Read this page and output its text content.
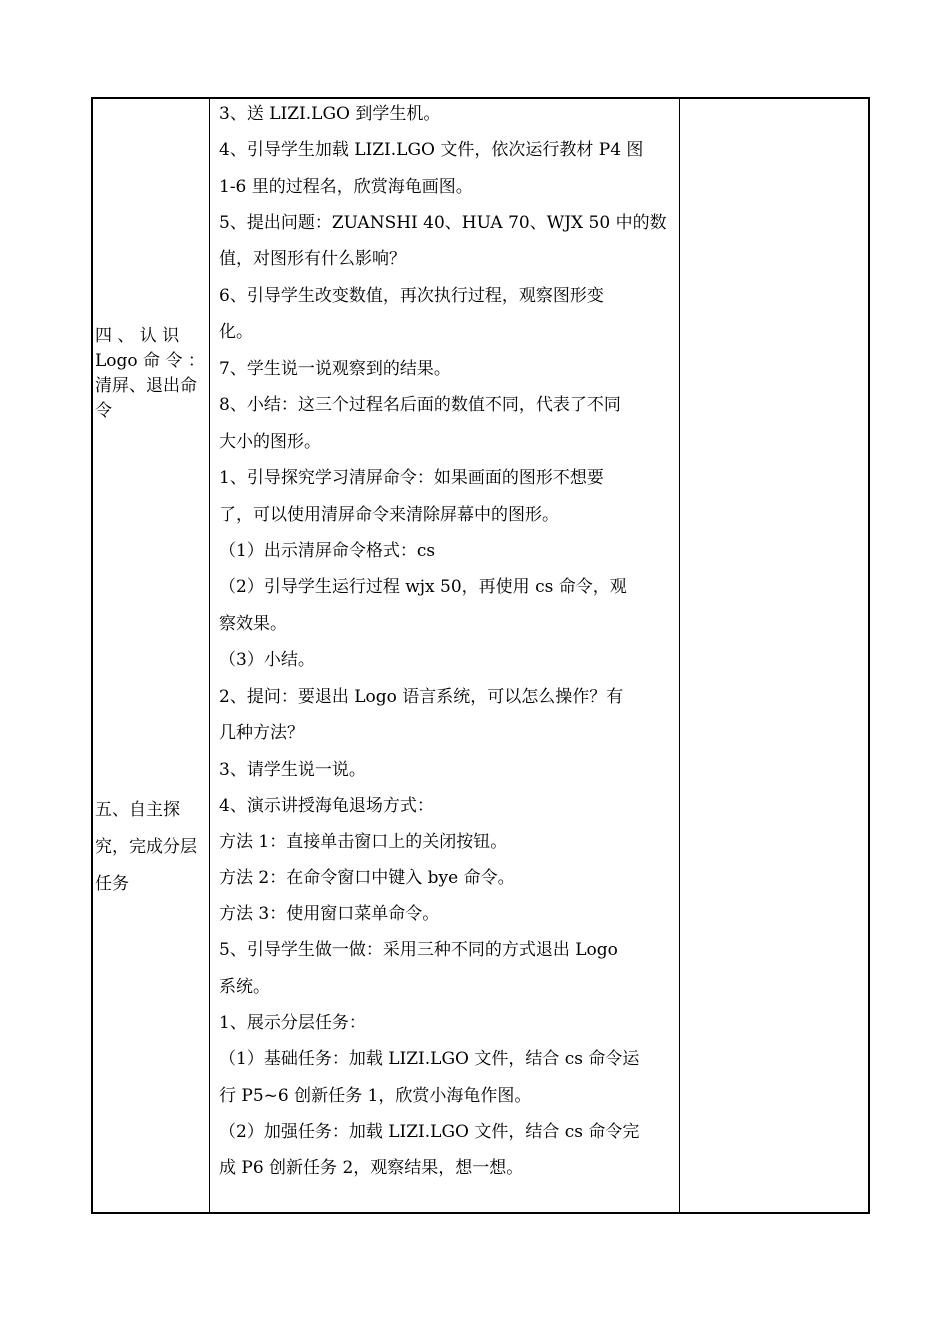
四 、 认 识
Logo 命 令 ：
清屏、退出命
令
五、自主探
究，完成分层
任务
3、送 LIZI.LGO 到学生机。
4、引导学生加载 LIZI.LGO 文件，依次运行教材 P4 图
1-6 里的过程名，欣赏海龟画图。
5、提出问题：ZUANSHI 40、HUA 70、WJX 50 中的数
值，对图形有什么影响？
6、引导学生改变数值，再次执行过程，观察图形变
化。
7、学生说一说观察到的结果。
8、小结：这三个过程名后面的数值不同，代表了不同
大小的图形。
1、引导探究学习清屏命令：如果画面的图形不想要
了，可以使用清屏命令来清除屏幕中的图形。
（1）出示清屏命令格式：cs
（2）引导学生运行过程 wjx 50，再使用 cs 命令，观
察效果。
（3）小结。
2、提问：要退出 Logo 语言系统，可以怎么操作？有
几种方法？
3、请学生说一说。
4、演示讲授海龟退场方式：
方法 1：直接单击窗口上的关闭按钮。
方法 2：在命令窗口中键入 bye 命令。
方法 3：使用窗口菜单命令。
5、引导学生做一做：采用三种不同的方式退出 Logo
系统。
1、展示分层任务：
（1）基础任务：加载 LIZI.LGO 文件，结合 cs 命令运
行 P5~6 创新任务 1，欣赏小海龟作图。
（2）加强任务：加载 LIZI.LGO 文件，结合 cs 命令完
成 P6 创新任务 2，观察结果，想一想。
